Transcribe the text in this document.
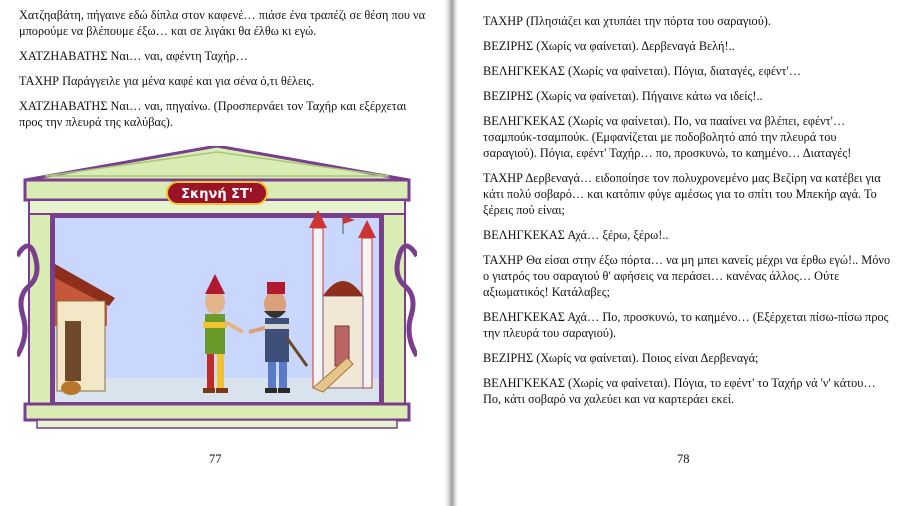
Χατζηαβάτη, πήγαινε εδώ δίπλα στον καφενέ… πιάσε ένα τραπέζι σε θέση που να μπορούμε να βλέπουμε έξω… και σε λιγάκι θα έλθω κι εγώ.

ΧΑΤΖΗΑΒΑΤΗΣ Ναι… ναι, αφέντη Ταχήρ…

ΤΑΧΗΡ Παράγγειλε για μένα καφέ και για σένα ό,τι θέλεις.

ΧΑΤΖΗΑΒΑΤΗΣ Ναι… ναι, πηγαίνω. (Προσπερνάει τον Ταχήρ και εξέρχεται προς την πλευρά της καλύβας).

Σκηνή ΣΤ'
77

ΤΑΧΗΡ (Πλησιάζει και χτυπάει την πόρτα του σαραγιού).

ΒΕΖΙΡΗΣ (Χωρίς να φαίνεται). Δερβεναγά Βελή!..

ΒΕΛΗΓΚΕΚΑΣ (Χωρίς να φαίνεται). Πόγια, διαταγές, εφέντ'…

ΒΕΖΙΡΗΣ (Χωρίς να φαίνεται). Πήγαινε κάτω να ιδείς!..

ΒΕΛΗΓΚΕΚΑΣ (Χωρίς να φαίνεται). Πο, να πααίνει να βλέπει, εφέντ'… τσαμπούκ-τσαμπούκ. (Εμφανίζεται με ποδοβολητό από την πλευρά του σαραγιού). Πόγια, εφέντ' Ταχήρ… πο, προσκυνώ, το καημένο… Διαταγές!

ΤΑΧΗΡ Δερβεναγά… ειδοποίησε τον πολυχρονεμένο μας Βεζίρη να κατέβει για κάτι πολύ σοβαρό… και κατόπιν φύγε αμέσως για το σπίτι του Μπεκήρ αγά. Το ξέρεις πού είναι;

ΒΕΛΗΓΚΕΚΑΣ Αχά… ξέρω, ξέρω!..

ΤΑΧΗΡ Θα είσαι στην έξω πόρτα… να μη μπει κανείς μέχρι να έρθω εγώ!.. Μόνο ο γιατρός του σαραγιού θ' αφήσεις να περάσει… κανένας άλλος… Ούτε αξιωματικός! Κατάλαβες;

ΒΕΛΗΓΚΕΚΑΣ Αχά… Πο, προσκυνώ, το καημένο… (Εξέρχεται πίσω-πίσω προς την πλευρά του σαραγιού).

ΒΕΖΙΡΗΣ (Χωρίς να φαίνεται). Ποιος είναι Δερβεναγά;

ΒΕΛΗΓΚΕΚΑΣ (Χωρίς να φαίνεται). Πόγια, το εφέντ' το Ταχήρ νά 'ν' κάτου… Πο, κάτι σοβαρό να χαλεύει και να καρτεράει εκεί.

78
